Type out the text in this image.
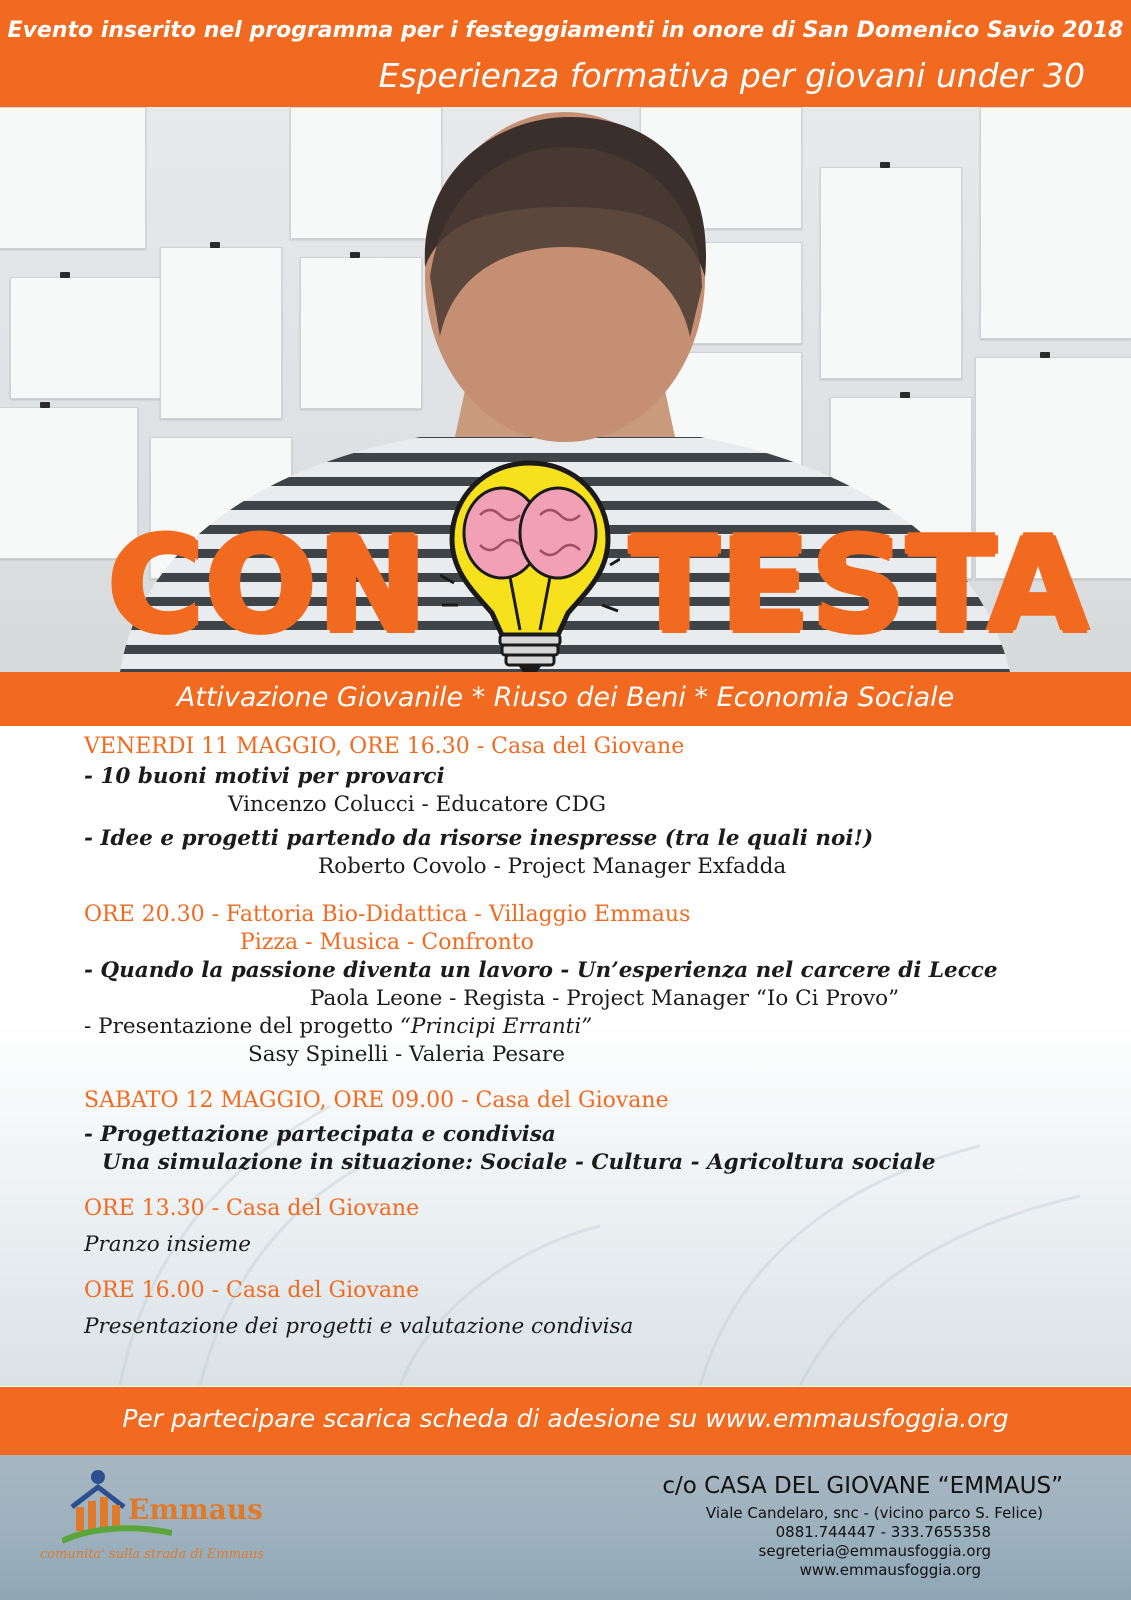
Evento inserito nel programma per i festeggiamenti in onore di San Domenico Savio 2018
Esperienza formativa per giovani under 30
CON TESTA
Attivazione Giovanile * Riuso dei Beni * Economia Sociale
VENERDI 11 MAGGIO, ORE 16.30 - Casa del Giovane
- 10 buoni motivi per provarci
Vincenzo Colucci - Educatore CDG
- Idee e progetti partendo da risorse inespresse (tra le quali noi!)
Roberto Covolo - Project Manager Exfadda
ORE 20.30 - Fattoria Bio-Didattica - Villaggio Emmaus
Pizza - Musica - Confronto
- Quando la passione diventa un lavoro - Un’esperienza nel carcere di Lecce
Paola Leone - Regista - Project Manager “Io Ci Provo”
- Presentazione del progetto “Principi Erranti”
Sasy Spinelli - Valeria Pesare
SABATO 12 MAGGIO, ORE 09.00 - Casa del Giovane
- Progettazione partecipata e condivisa
Una simulazione in situazione: Sociale - Cultura - Agricoltura sociale
ORE 13.30 - Casa del Giovane
Pranzo insieme
ORE 16.00 - Casa del Giovane
Presentazione dei progetti e valutazione condivisa
Per partecipare scarica scheda di adesione su www.emmausfoggia.org
Emmaus
comunita' sulla strada di Emmaus
c/o CASA DEL GIOVANE “EMMAUS”
Viale Candelaro, snc - (vicino parco S. Felice)
0881.744447 - 333.7655358
segreteria@emmausfoggia.org
www.emmausfoggia.org
